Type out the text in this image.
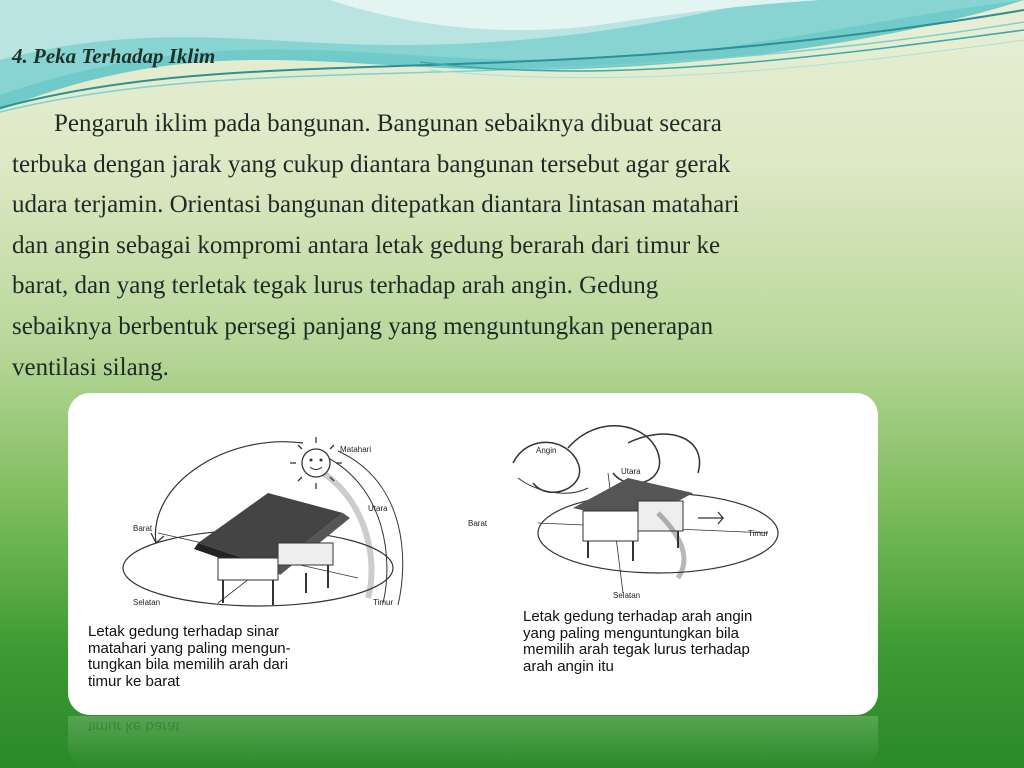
4. Peka Terhadap Iklim
Pengaruh iklim pada bangunan. Bangunan sebaiknya dibuat secara
terbuka dengan jarak yang cukup diantara bangunan tersebut agar gerak
udara terjamin. Orientasi bangunan ditepatkan diantara lintasan matahari
dan angin sebagai kompromi antara letak gedung berarah dari timur ke
barat, dan yang terletak tegak lurus terhadap arah angin. Gedung
sebaiknya berbentuk persegi panjang yang menguntungkan penerapan
ventilasi silang.
Matahari
Utara
Barat
Selatan	Timur
Angin
Utara
Barat
Timur
Selatan
Letak gedung terhadap sinar
matahari yang paling mengun-
tungkan bila memilih arah dari
timur ke barat
Letak gedung terhadap arah angin
yang paling menguntungkan bila
memilih arah tegak lurus terhadap
arah angin itu
timur ke barat
